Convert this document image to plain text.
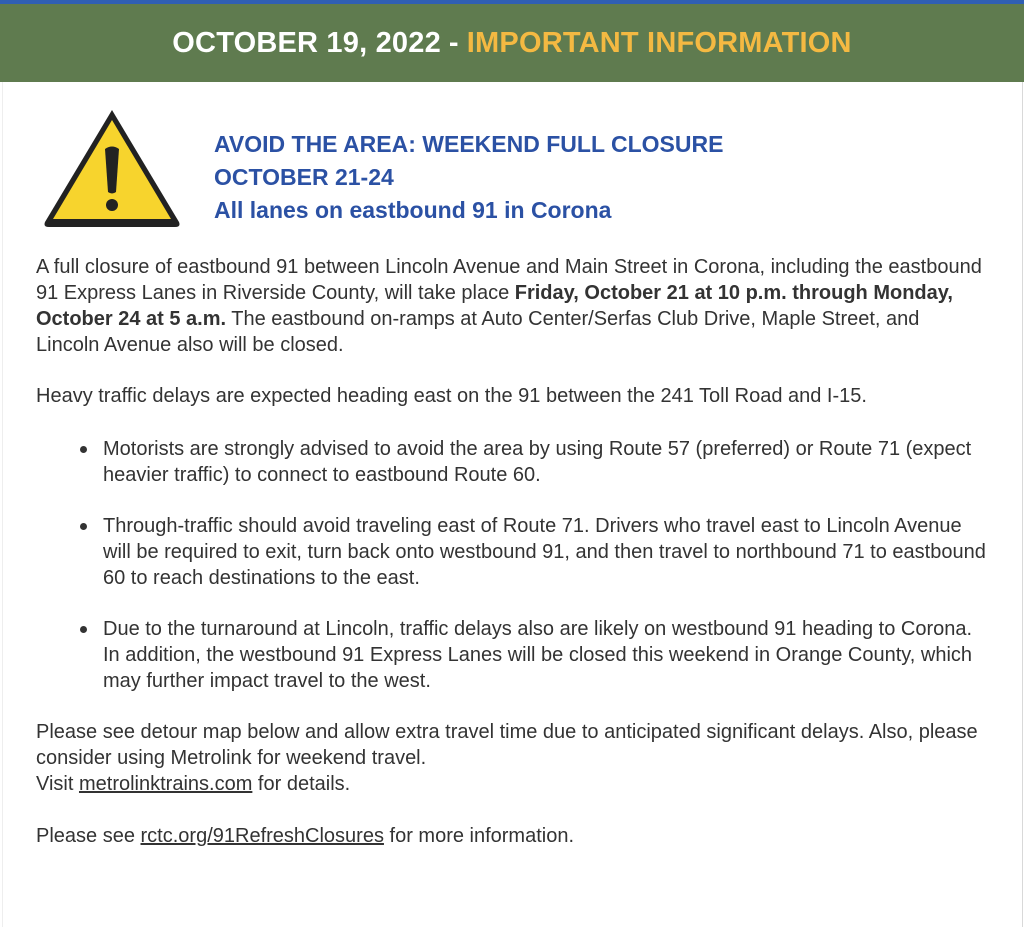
OCTOBER 19, 2022 - IMPORTANT INFORMATION
AVOID THE AREA: WEEKEND FULL CLOSURE
OCTOBER 21-24
All lanes on eastbound 91 in Corona

A full closure of eastbound 91 between Lincoln Avenue and Main Street in Corona, including the eastbound 91 Express Lanes in Riverside County, will take place Friday, October 21 at 10 p.m. through Monday, October 24 at 5 a.m. The eastbound on-ramps at Auto Center/Serfas Club Drive, Maple Street, and Lincoln Avenue also will be closed.

Heavy traffic delays are expected heading east on the 91 between the 241 Toll Road and I-15.

Motorists are strongly advised to avoid the area by using Route 57 (preferred) or Route 71 (expect heavier traffic) to connect to eastbound Route 60.
Through-traffic should avoid traveling east of Route 71. Drivers who travel east to Lincoln Avenue will be required to exit, turn back onto westbound 91, and then travel to northbound 71 to eastbound 60 to reach destinations to the east.
Due to the turnaround at Lincoln, traffic delays also are likely on westbound 91 heading to Corona. In addition, the westbound 91 Express Lanes will be closed this weekend in Orange County, which may further impact travel to the west.

Please see detour map below and allow extra travel time due to anticipated significant delays. Also, please consider using Metrolink for weekend travel.
Visit metrolinktrains.com for details.

Please see rctc.org/91RefreshClosures for more information.
